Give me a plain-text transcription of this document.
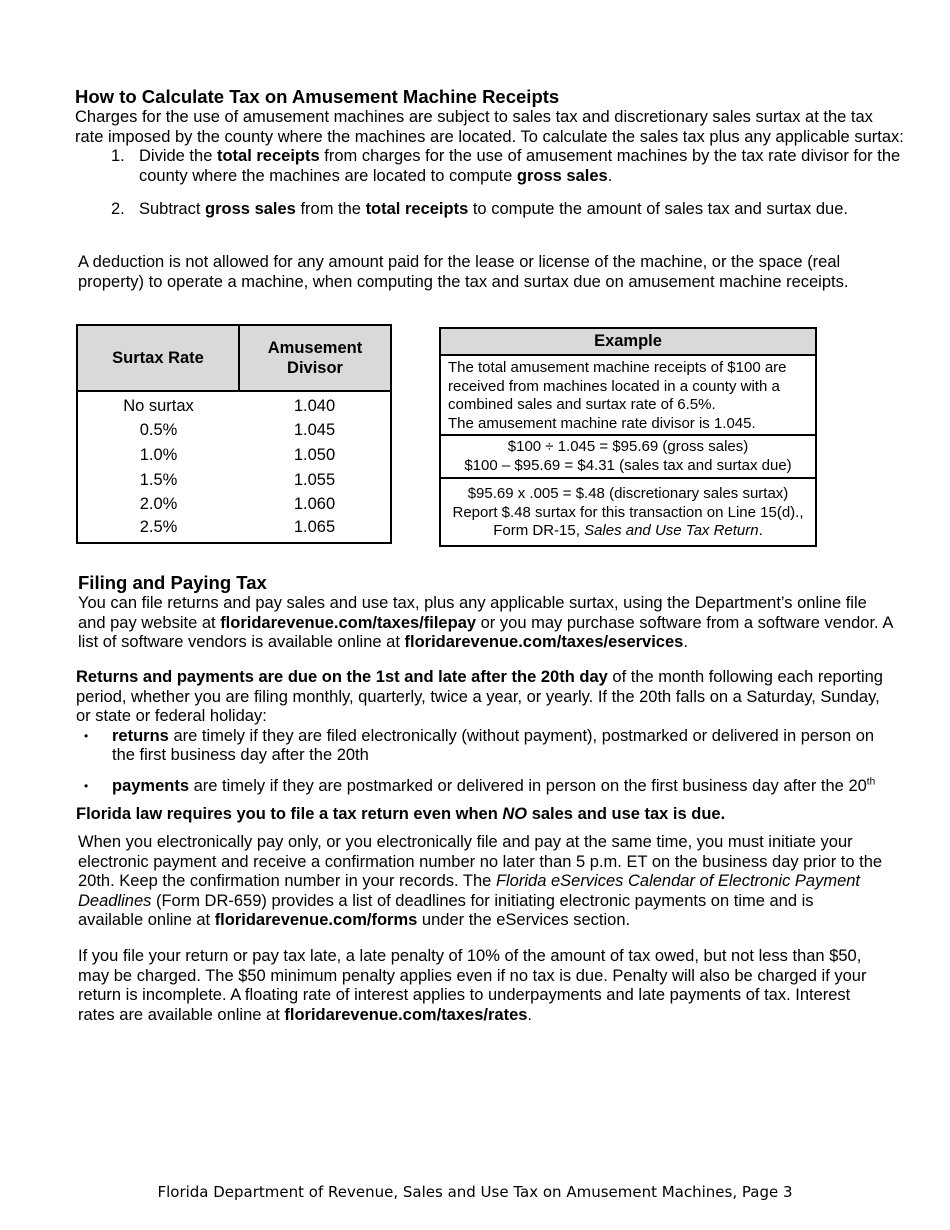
How to Calculate Tax on Amusement Machine Receipts

Charges for the use of amusement machines are subject to sales tax and discretionary sales surtax at the tax rate imposed by the county where the machines are located. To calculate the sales tax plus any applicable surtax:

1. Divide the total receipts from charges for the use of amusement machines by the tax rate divisor for the county where the machines are located to compute gross sales.
2. Subtract gross sales from the total receipts to compute the amount of sales tax and surtax due.

A deduction is not allowed for any amount paid for the lease or license of the machine, or the space (real property) to operate a machine, when computing the tax and surtax due on amusement machine receipts.

Surtax Rate	Amusement Divisor
No surtax	1.040
0.5%	1.045
1.0%	1.050
1.5%	1.055
2.0%	1.060
2.5%	1.065
Example

The total amusement machine receipts of $100 are received from machines located in a county with a combined sales and surtax rate of 6.5%.

The amusement machine rate divisor is 1.045.

$100 ÷ 1.045 = $95.69 (gross sales)

$100 – $95.69 = $4.31 (sales tax and surtax due)

$95.69 x .005 = $.48 (discretionary sales surtax)

Report $.48 surtax for this transaction on Line 15(d).,

Form DR-15, Sales and Use Tax Return.

Filing and Paying Tax

You can file returns and pay sales and use tax, plus any applicable surtax, using the Department’s online file and pay website at floridarevenue.com/taxes/filepay or you may purchase software from a software vendor. A list of software vendors is available online at floridarevenue.com/taxes/eservices.

Returns and payments are due on the 1st and late after the 20th day of the month following each reporting period, whether you are filing monthly, quarterly, twice a year, or yearly. If the 20th falls on a Saturday, Sunday, or state or federal holiday:

• returns are timely if they are filed electronically (without payment), postmarked or delivered in person on the first business day after the 20th
• payments are timely if they are postmarked or delivered in person on the first business day after the 20th

Florida law requires you to file a tax return even when NO sales and use tax is due.

When you electronically pay only, or you electronically file and pay at the same time, you must initiate your electronic payment and receive a confirmation number no later than 5 p.m. ET on the business day prior to the 20th. Keep the confirmation number in your records. The Florida eServices Calendar of Electronic Payment Deadlines (Form DR-659) provides a list of deadlines for initiating electronic payments on time and is available online at floridarevenue.com/forms under the eServices section.

If you file your return or pay tax late, a late penalty of 10% of the amount of tax owed, but not less than $50, may be charged. The $50 minimum penalty applies even if no tax is due. Penalty will also be charged if your return is incomplete. A floating rate of interest applies to underpayments and late payments of tax. Interest rates are available online at floridarevenue.com/taxes/rates.

Florida Department of Revenue, Sales and Use Tax on Amusement Machines, Page 3
